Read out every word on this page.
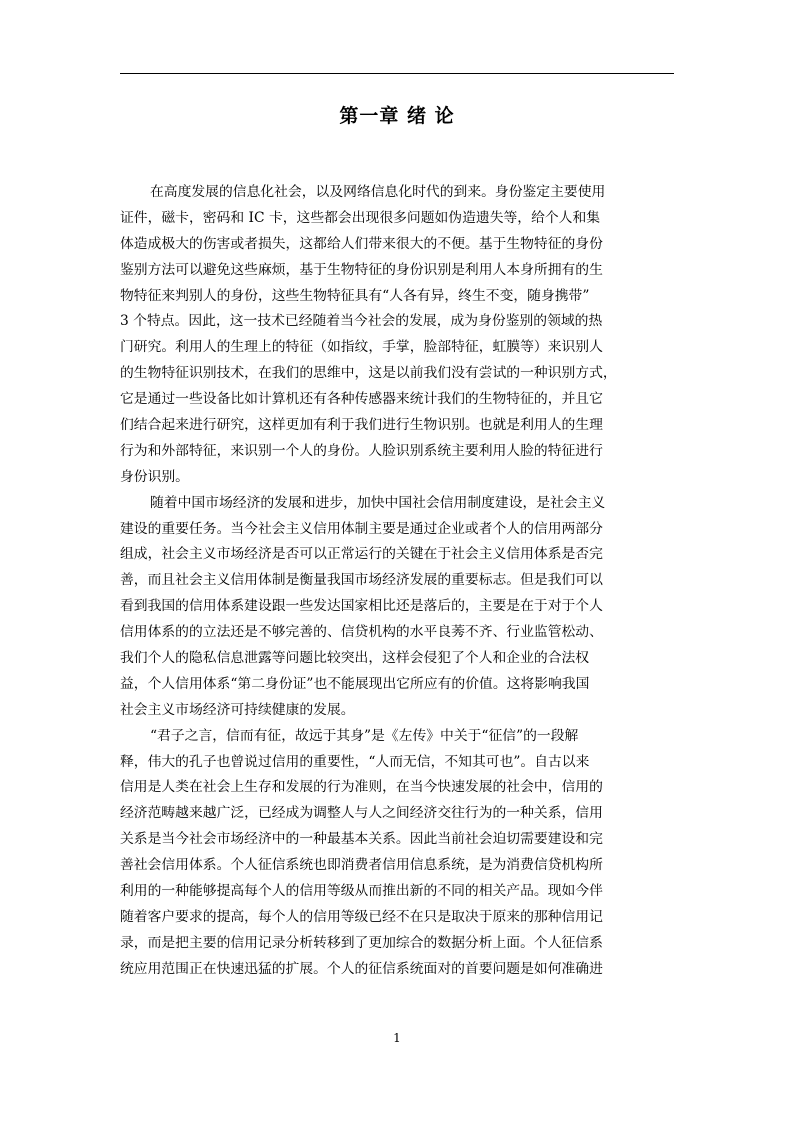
第一章 绪 论
在高度发展的信息化社会，以及网络信息化时代的到来。身份鉴定主要使用
证件，磁卡，密码和 IC 卡，这些都会出现很多问题如伪造遗失等，给个人和集
体造成极大的伤害或者损失，这都给人们带来很大的不便。基于生物特征的身份
鉴别方法可以避免这些麻烦，基于生物特征的身份识别是利用人本身所拥有的生
物特征来判别人的身份，这些生物特征具有“人各有异，终生不变，随身携带”
3 个特点。因此，这一技术已经随着当今社会的发展，成为身份鉴别的领域的热
门研究。利用人的生理上的特征（如指纹，手掌，脸部特征，虹膜等）来识别人
的生物特征识别技术，在我们的思维中，这是以前我们没有尝试的一种识别方式，
它是通过一些设备比如计算机还有各种传感器来统计我们的生物特征的，并且它
们结合起来进行研究，这样更加有利于我们进行生物识别。也就是利用人的生理
行为和外部特征，来识别一个人的身份。人脸识别系统主要利用人脸的特征进行
身份识别。
随着中国市场经济的发展和进步，加快中国社会信用制度建设，是社会主义
建设的重要任务。当今社会主义信用体制主要是通过企业或者个人的信用两部分
组成，社会主义市场经济是否可以正常运行的关键在于社会主义信用体系是否完
善，而且社会主义信用体制是衡量我国市场经济发展的重要标志。但是我们可以
看到我国的信用体系建设跟一些发达国家相比还是落后的，主要是在于对于个人
信用体系的的立法还是不够完善的、信贷机构的水平良莠不齐、行业监管松动、
我们个人的隐私信息泄露等问题比较突出，这样会侵犯了个人和企业的合法权
益，个人信用体系“第二身份证”也不能展现出它所应有的价值。这将影响我国
社会主义市场经济可持续健康的发展。
“君子之言，信而有征，故远于其身”是《左传》中关于“征信”的一段解
释，伟大的孔子也曾说过信用的重要性，“人而无信，不知其可也”。自古以来
信用是人类在社会上生存和发展的行为准则，在当今快速发展的社会中，信用的
经济范畴越来越广泛，已经成为调整人与人之间经济交往行为的一种关系，信用
关系是当今社会市场经济中的一种最基本关系。因此当前社会迫切需要建设和完
善社会信用体系。个人征信系统也即消费者信用信息系统，是为消费信贷机构所
利用的一种能够提高每个人的信用等级从而推出新的不同的相关产品。现如今伴
随着客户要求的提高，每个人的信用等级已经不在只是取决于原来的那种信用记
录，而是把主要的信用记录分析转移到了更加综合的数据分析上面。个人征信系
统应用范围正在快速迅猛的扩展。个人的征信系统面对的首要问题是如何准确进
1
